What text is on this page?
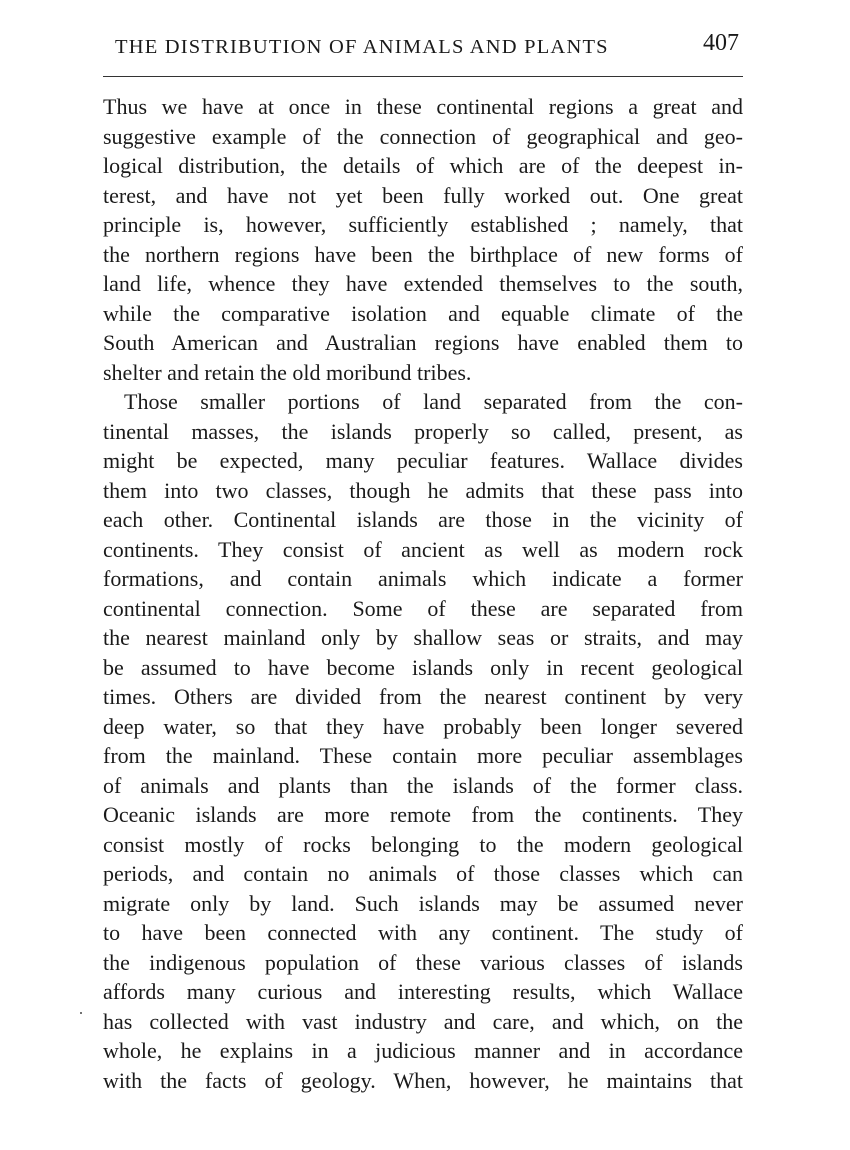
THE DISTRIBUTION OF ANIMALS AND PLANTS	407
Thus we have at once in these continental regions a great and
suggestive example of the connection of geographical and geo-
logical distribution, the details of which are of the deepest in-
terest, and have not yet been fully worked out. One great
principle is, however, sufficiently established ; namely, that
the northern regions have been the birthplace of new forms of
land life, whence they have extended themselves to the south,
while the comparative isolation and equable climate of the
South American and Australian regions have enabled them to
shelter and retain the old moribund tribes.
Those smaller portions of land separated from the con-
tinental masses, the islands properly so called, present, as
might be expected, many peculiar features. Wallace divides
them into two classes, though he admits that these pass into
each other. Continental islands are those in the vicinity of
continents. They consist of ancient as well as modern rock
formations, and contain animals which indicate a former
continental connection. Some of these are separated from
the nearest mainland only by shallow seas or straits, and may
be assumed to have become islands only in recent geological
times. Others are divided from the nearest continent by very
deep water, so that they have probably been longer severed
from the mainland. These contain more peculiar assemblages
of animals and plants than the islands of the former class.
Oceanic islands are more remote from the continents. They
consist mostly of rocks belonging to the modern geological
periods, and contain no animals of those classes which can
migrate only by land. Such islands may be assumed never
to have been connected with any continent. The study of
the indigenous population of these various classes of islands
affords many curious and interesting results, which Wallace
has collected with vast industry and care, and which, on the
whole, he explains in a judicious manner and in accordance
with the facts of geology. When, however, he maintains that
